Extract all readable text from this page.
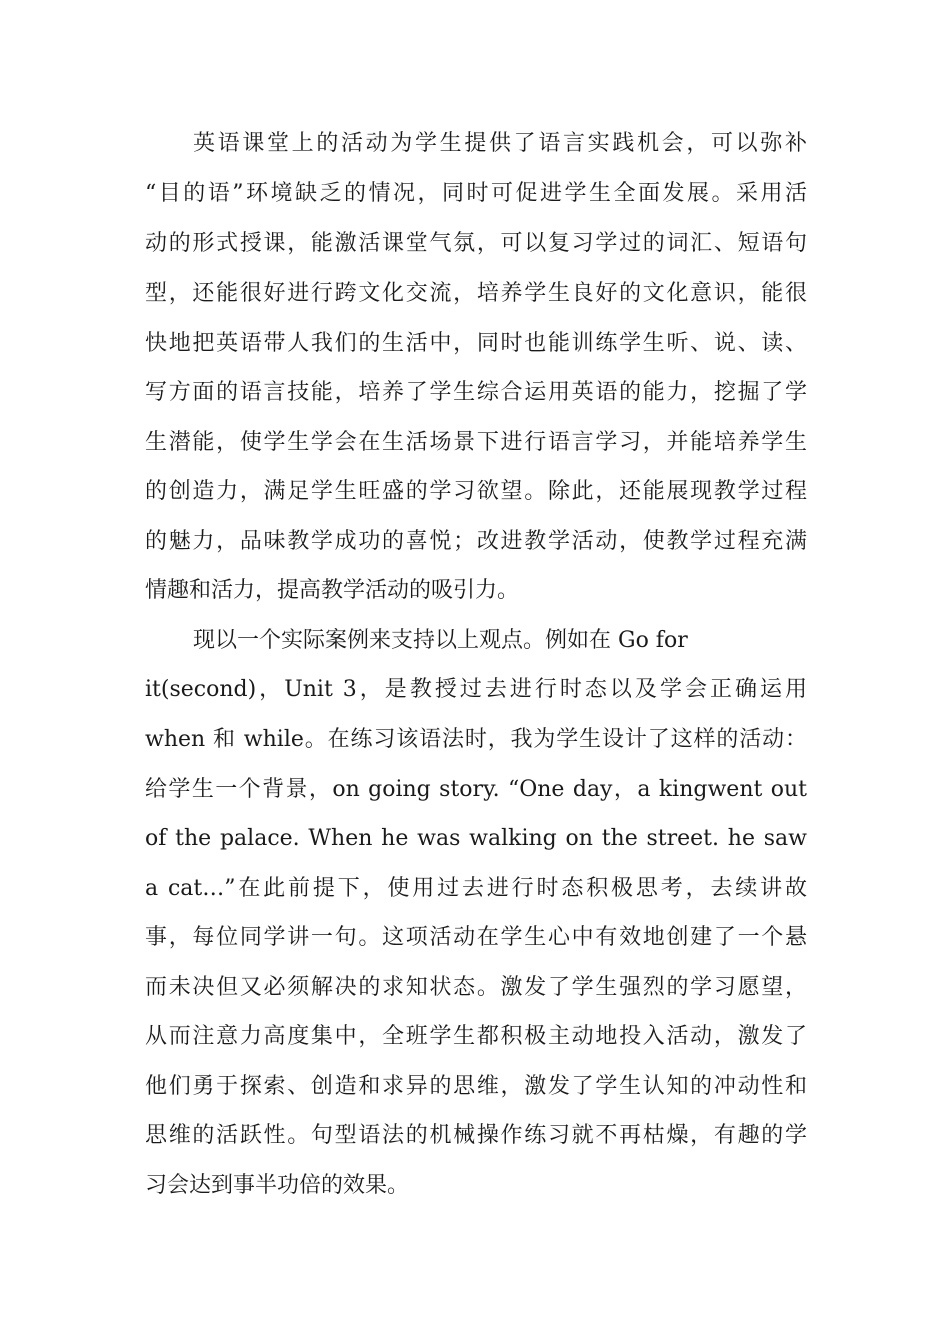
英语课堂上的活动为学生提供了语言实践机会，可以弥补
“目的语”环境缺乏的情况，同时可促进学生全面发展。采用活
动的形式授课，能激活课堂气氛，可以复习学过的词汇、短语句
型，还能很好进行跨文化交流，培养学生良好的文化意识，能很
快地把英语带人我们的生活中，同时也能训练学生听、说、读、
写方面的语言技能，培养了学生综合运用英语的能力，挖掘了学
生潜能，使学生学会在生活场景下进行语言学习，并能培养学生
的创造力，满足学生旺盛的学习欲望。除此，还能展现教学过程
的魅力，品味教学成功的喜悦；改进教学活动，使教学过程充满
情趣和活力，提高教学活动的吸引力。
现以一个实际案例来支持以上观点。例如在 Go for
it(second)，Unit 3，是教授过去进行时态以及学会正确运用
when 和 while。在练习该语法时，我为学生设计了这样的活动：
给学生一个背景，on going story. “One day，a kingwent out
of the palace. When he was walking on the street. he saw
a cat…”在此前提下，使用过去进行时态积极思考，去续讲故
事，每位同学讲一句。这项活动在学生心中有效地创建了一个悬
而未决但又必须解决的求知状态。激发了学生强烈的学习愿望，
从而注意力高度集中，全班学生都积极主动地投入活动，激发了
他们勇于探索、创造和求异的思维，激发了学生认知的冲动性和
思维的活跃性。句型语法的机械操作练习就不再枯燥，有趣的学
习会达到事半功倍的效果。
